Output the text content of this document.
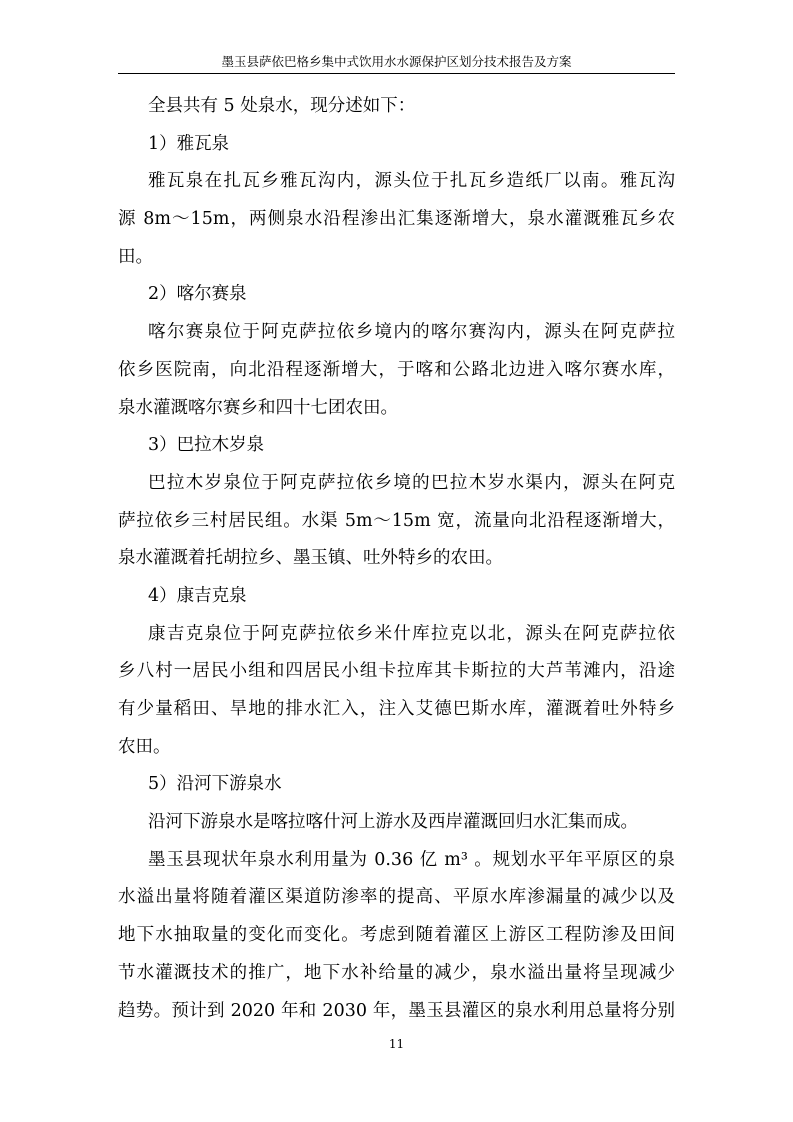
墨玉县萨依巴格乡集中式饮用水水源保护区划分技术报告及方案
全县共有 5 处泉水，现分述如下：
1）雅瓦泉
雅瓦泉在扎瓦乡雅瓦沟内，源头位于扎瓦乡造纸厂以南。雅瓦沟
源 8m～15m，两侧泉水沿程渗出汇集逐渐增大，泉水灌溉雅瓦乡农
田。
2）喀尔赛泉
喀尔赛泉位于阿克萨拉依乡境内的喀尔赛沟内，源头在阿克萨拉
依乡医院南，向北沿程逐渐增大，于喀和公路北边进入喀尔赛水库，
泉水灌溉喀尔赛乡和四十七团农田。
3）巴拉木岁泉
巴拉木岁泉位于阿克萨拉依乡境的巴拉木岁水渠内，源头在阿克
萨拉依乡三村居民组。水渠 5m～15m 宽，流量向北沿程逐渐增大，
泉水灌溉着托胡拉乡、墨玉镇、吐外特乡的农田。
4）康吉克泉
康吉克泉位于阿克萨拉依乡米什库拉克以北，源头在阿克萨拉依
乡八村一居民小组和四居民小组卡拉库其卡斯拉的大芦苇滩内，沿途
有少量稻田、旱地的排水汇入，注入艾德巴斯水库，灌溉着吐外特乡
农田。
5）沿河下游泉水
沿河下游泉水是喀拉喀什河上游水及西岸灌溉回归水汇集而成。
墨玉县现状年泉水利用量为 0.36 亿 m³ 。规划水平年平原区的泉
水溢出量将随着灌区渠道防渗率的提高、平原水库渗漏量的减少以及
地下水抽取量的变化而变化。考虑到随着灌区上游区工程防渗及田间
节水灌溉技术的推广，地下水补给量的减少，泉水溢出量将呈现减少
趋势。预计到 2020 年和 2030 年，墨玉县灌区的泉水利用总量将分别
11
